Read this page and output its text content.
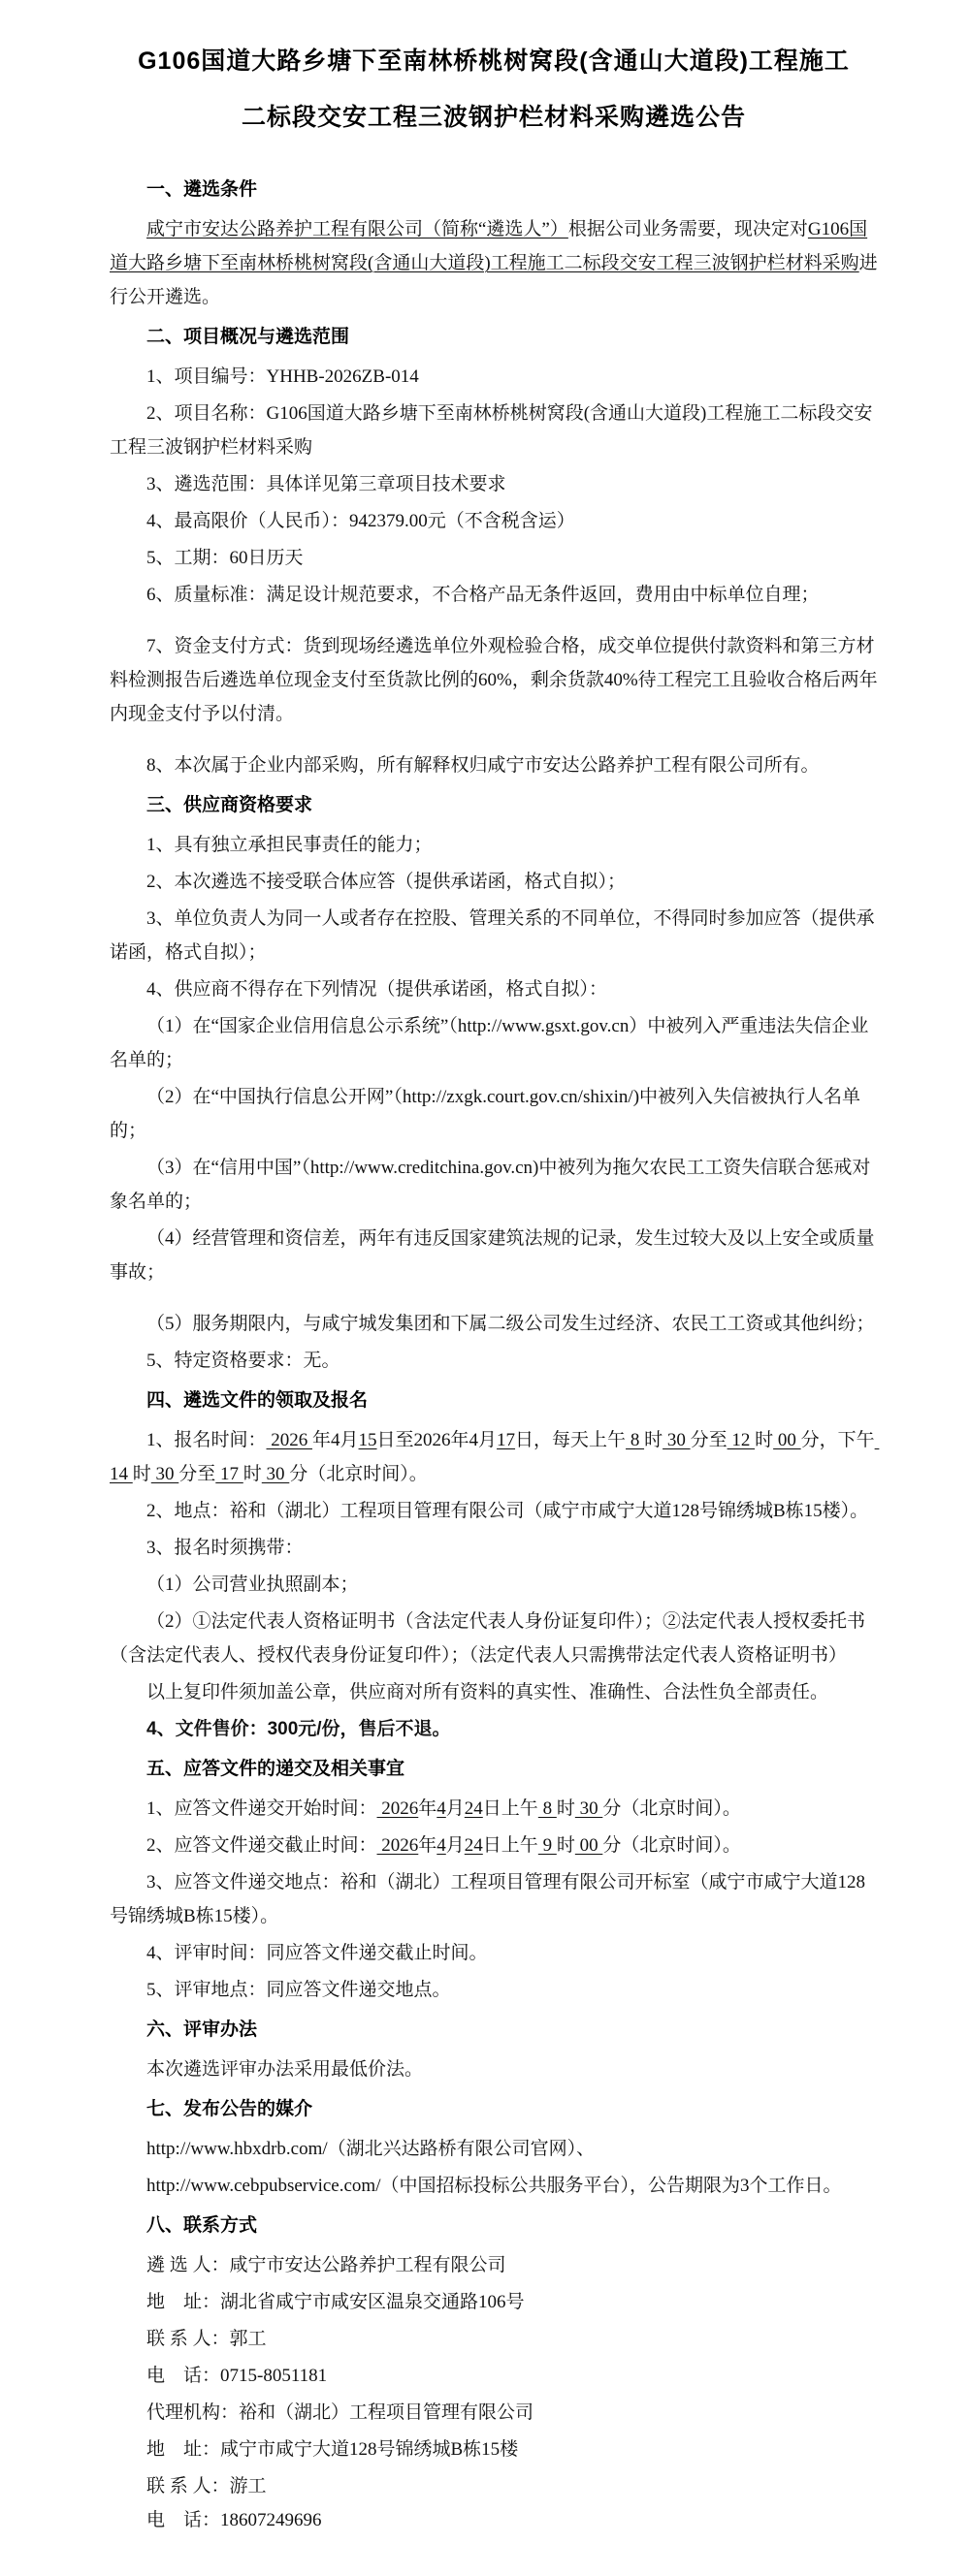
G106国道大路乡塘下至南林桥桃树窝段(含通山大道段)工程施工
二标段交安工程三波钢护栏材料采购遴选公告

一、遴选条件

咸宁市安达公路养护工程有限公司（简称“遴选人”）根据公司业务需要，现决定对G106国道大路乡塘下至南林桥桃树窝段(含通山大道段)工程施工二标段交安工程三波钢护栏材料采购进行公开遴选。

二、项目概况与遴选范围

1、项目编号：YHHB-2026ZB-014

2、项目名称：G106国道大路乡塘下至南林桥桃树窝段(含通山大道段)工程施工二标段交安工程三波钢护栏材料采购

3、遴选范围：具体详见第三章项目技术要求

4、最高限价（人民币）：942379.00元（不含税含运）

5、工期：60日历天

6、质量标准：满足设计规范要求，不合格产品无条件返回，费用由中标单位自理；

7、资金支付方式：货到现场经遴选单位外观检验合格，成交单位提供付款资料和第三方材料检测报告后遴选单位现金支付至货款比例的60%，剩余货款40%待工程完工且验收合格后两年内现金支付予以付清。

8、本次属于企业内部采购，所有解释权归咸宁市安达公路养护工程有限公司所有。

三、供应商资格要求

1、具有独立承担民事责任的能力；

2、本次遴选不接受联合体应答（提供承诺函，格式自拟）；

3、单位负责人为同一人或者存在控股、管理关系的不同单位，不得同时参加应答（提供承诺函，格式自拟）；

4、供应商不得存在下列情况（提供承诺函，格式自拟）：

（1）在“国家企业信用信息公示系统”（http://www.gsxt.gov.cn）中被列入严重违法失信企业名单的；

（2）在“中国执行信息公开网”（http://zxgk.court.gov.cn/shixin/)中被列入失信被执行人名单的；

（3）在“信用中国”（http://www.creditchina.gov.cn)中被列为拖欠农民工工资失信联合惩戒对象名单的；

（4）经营管理和资信差，两年有违反国家建筑法规的记录，发生过较大及以上安全或质量事故；

（5）服务期限内，与咸宁城发集团和下属二级公司发生过经济、农民工工资或其他纠纷；

5、特定资格要求：无。

四、遴选文件的领取及报名

1、报名时间： 2026 年4月15日至2026年4月17日，每天上午 8 时 30 分至 12 时 00 分，下午 14 时 30 分至 17 时 30 分（北京时间）。

2、地点：裕和（湖北）工程项目管理有限公司（咸宁市咸宁大道128号锦绣城B栋15楼）。

3、报名时须携带：

（1）公司营业执照副本；

（2）①法定代表人资格证明书（含法定代表人身份证复印件）；②法定代表人授权委托书（含法定代表人、授权代表身份证复印件）；（法定代表人只需携带法定代表人资格证明书）

以上复印件须加盖公章，供应商对所有资料的真实性、准确性、合法性负全部责任。

4、文件售价：300元/份，售后不退。

五、应答文件的递交及相关事宜

1、应答文件递交开始时间： 2026年4月24日上午 8 时 30 分（北京时间）。

2、应答文件递交截止时间： 2026年4月24日上午 9 时 00 分（北京时间）。

3、应答文件递交地点：裕和（湖北）工程项目管理有限公司开标室（咸宁市咸宁大道128号锦绣城B栋15楼）。

4、评审时间：同应答文件递交截止时间。

5、评审地点：同应答文件递交地点。

六、评审办法

本次遴选评审办法采用最低价法。

七、发布公告的媒介

http://www.hbxdrb.com/（湖北兴达路桥有限公司官网）、

http://www.cebpubservice.com/（中国招标投标公共服务平台），公告期限为3个工作日。

八、联系方式

遴 选 人：咸宁市安达公路养护工程有限公司

地    址：湖北省咸宁市咸安区温泉交通路106号

联 系 人：郭工

电    话：0715-8051181

代理机构：裕和（湖北）工程项目管理有限公司

地    址：咸宁市咸宁大道128号锦绣城B栋15楼

联 系 人：游工

电    话：18607249696
